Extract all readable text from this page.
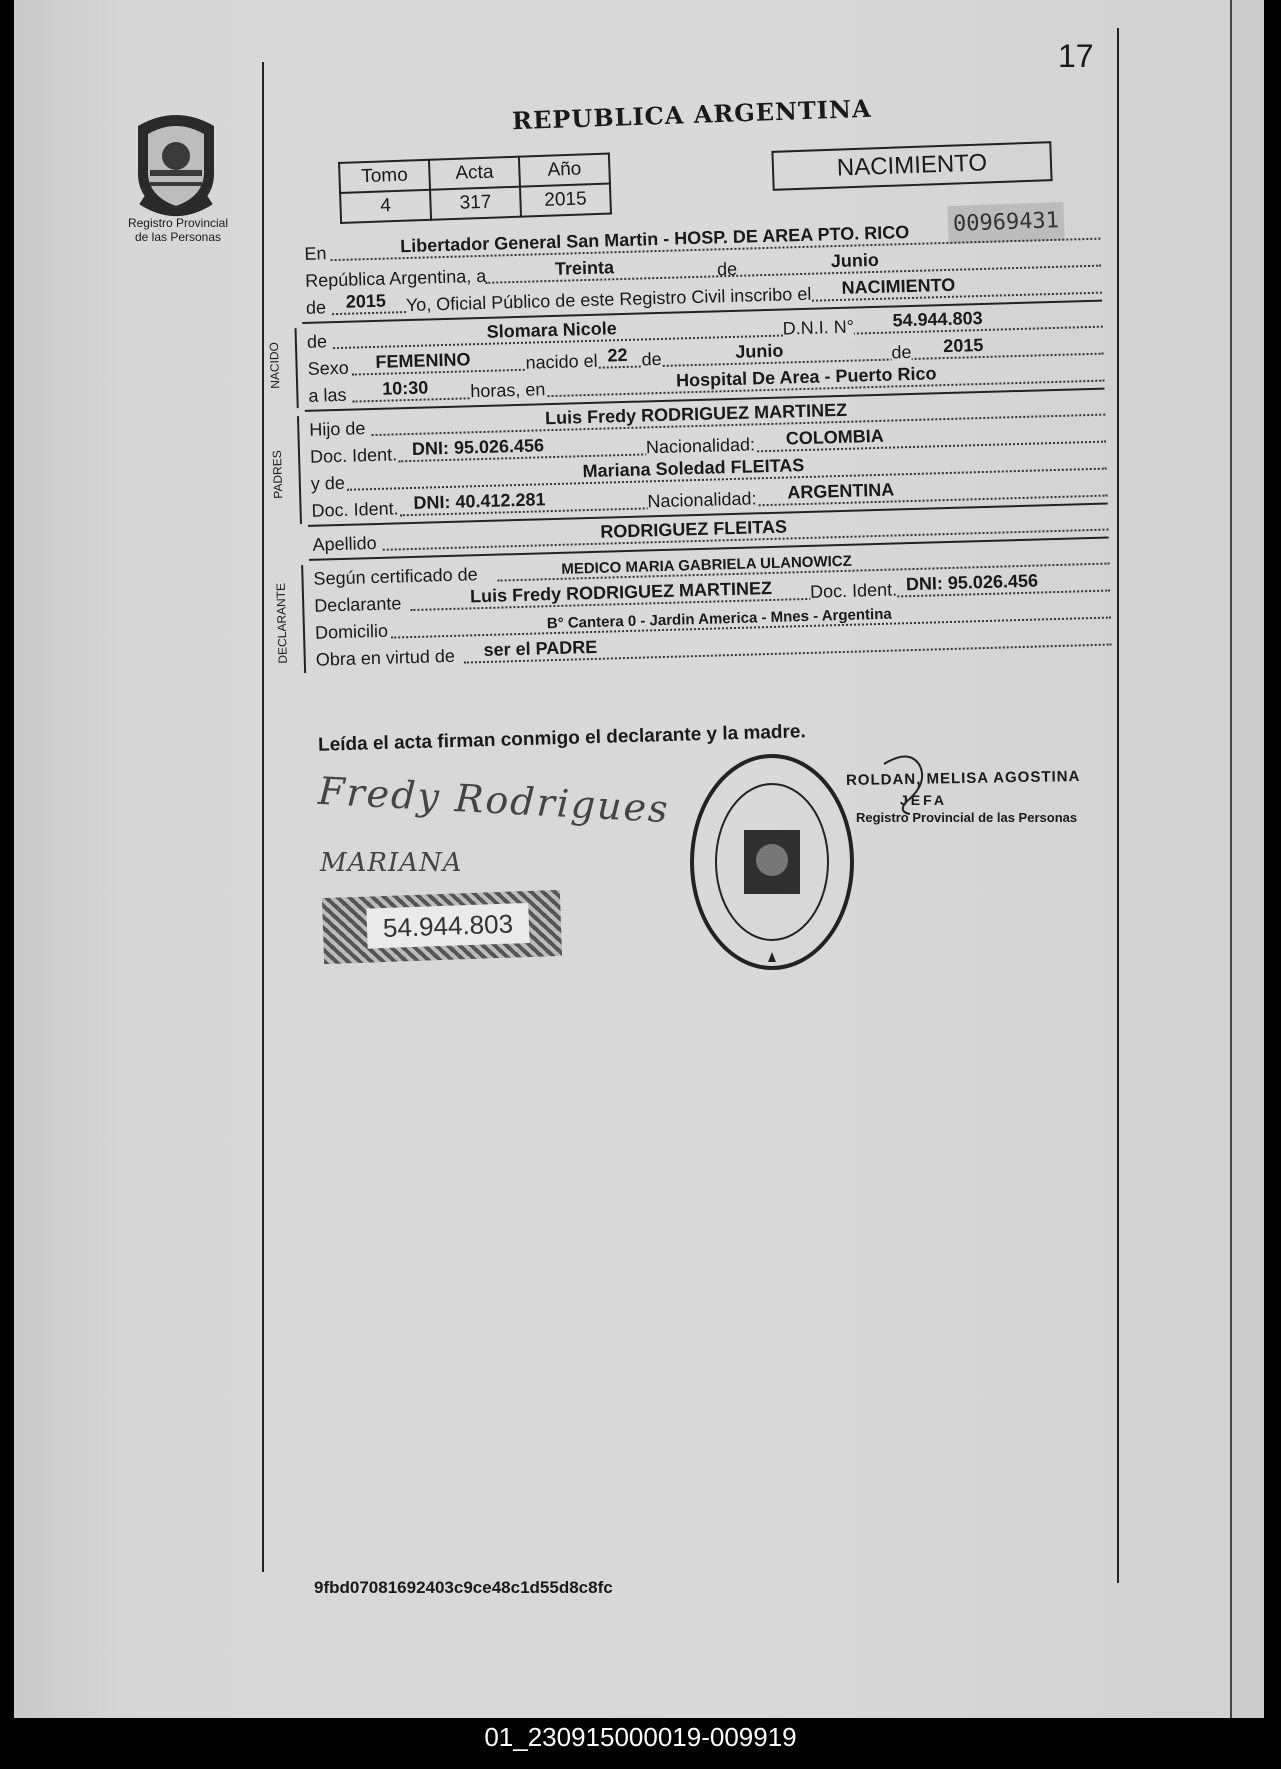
17
REPUBLICA ARGENTINA
Registro Provincial
de las Personas
Tomo	Acta	Año
4	317	2015
NACIMIENTO
00969431
En	Libertador General San Martin - HOSP. DE AREA PTO. RICO
República Argentina, a	Treinta	de	Junio
de 2015 Yo, Oficial Público de este Registro Civil inscribo el NACIMIENTO
NACIDO
de	Slomara Nicole	D.N.I. N° 54.944.803
Sexo FEMENINO	nacido el 22 de	Junio	de 2015
a las 10:30 horas, en	Hospital De Area - Puerto Rico
PADRES
Hijo de
Luis Fredy RODRIGUEZ MARTINEZ
Doc. Ident. DNI: 95.026.456	Nacionalidad: COLOMBIA
y de
Mariana Soledad FLEITAS
Doc. Ident. DNI: 40.412.281	Nacionalidad: ARGENTINA
Apellido
RODRIGUEZ FLEITAS
DECLARANTE
Según certificado de	MEDICO MARIA GABRIELA ULANOWICZ
Declarante	Luis Fredy RODRIGUEZ MARTINEZ Doc. Ident. DNI: 95.026.456
Domicilio	B° Cantera 0 - Jardin America - Mnes - Argentina
Obra en virtud de ser el PADRE
Leída el acta firman conmigo el declarante y la madre.
Fredy Rodrigues
MARIANA
54.944.803
ROLDAN, MELISA AGOSTINA
JEFA
Registro Provincial de las Personas
9fbd07081692403c9ce48c1d55d8c8fc
01_230915000019-009919
